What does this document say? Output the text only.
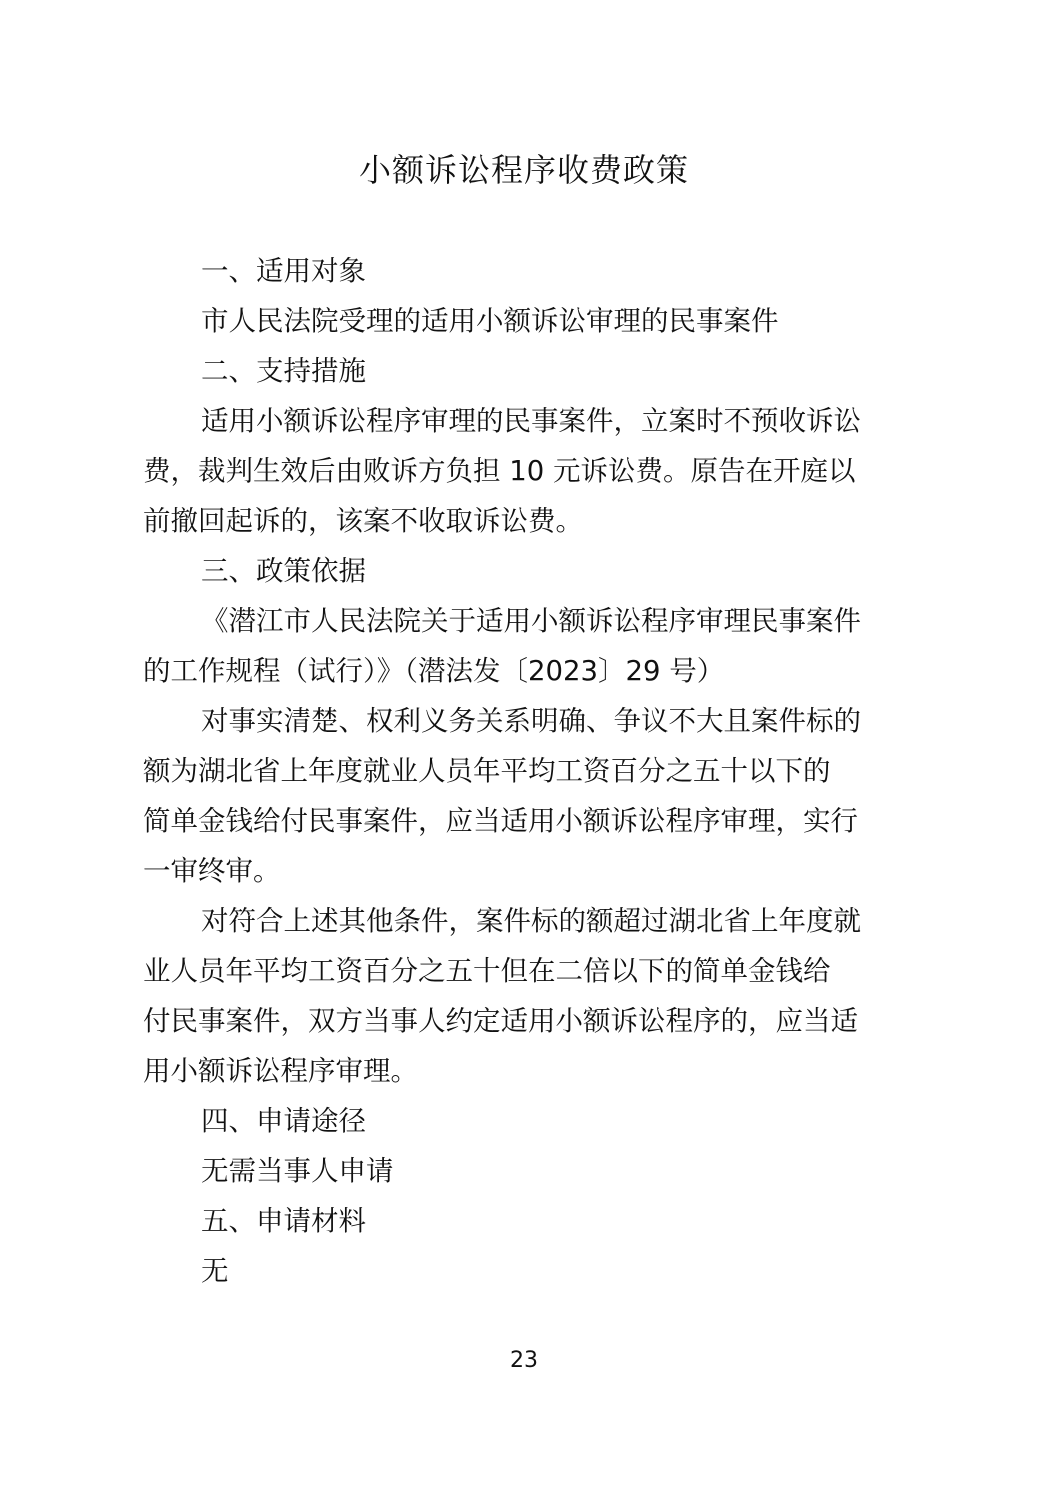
小额诉讼程序收费政策

一、适用对象

市人民法院受理的适用小额诉讼审理的民事案件

二、支持措施

适用小额诉讼程序审理的民事案件，立案时不预收诉讼

费，裁判生效后由败诉方负担 10 元诉讼费。原告在开庭以

前撤回起诉的，该案不收取诉讼费。

三、政策依据

《潜江市人民法院关于适用小额诉讼程序审理民事案件

的工作规程（试行）》（潜法发〔2023〕29 号）

对事实清楚、权利义务关系明确、争议不大且案件标的

额为湖北省上年度就业人员年平均工资百分之五十以下的

简单金钱给付民事案件，应当适用小额诉讼程序审理，实行

一审终审。

对符合上述其他条件，案件标的额超过湖北省上年度就

业人员年平均工资百分之五十但在二倍以下的简单金钱给

付民事案件，双方当事人约定适用小额诉讼程序的，应当适

用小额诉讼程序审理。

四、申请途径

无需当事人申请

五、申请材料

无

23
